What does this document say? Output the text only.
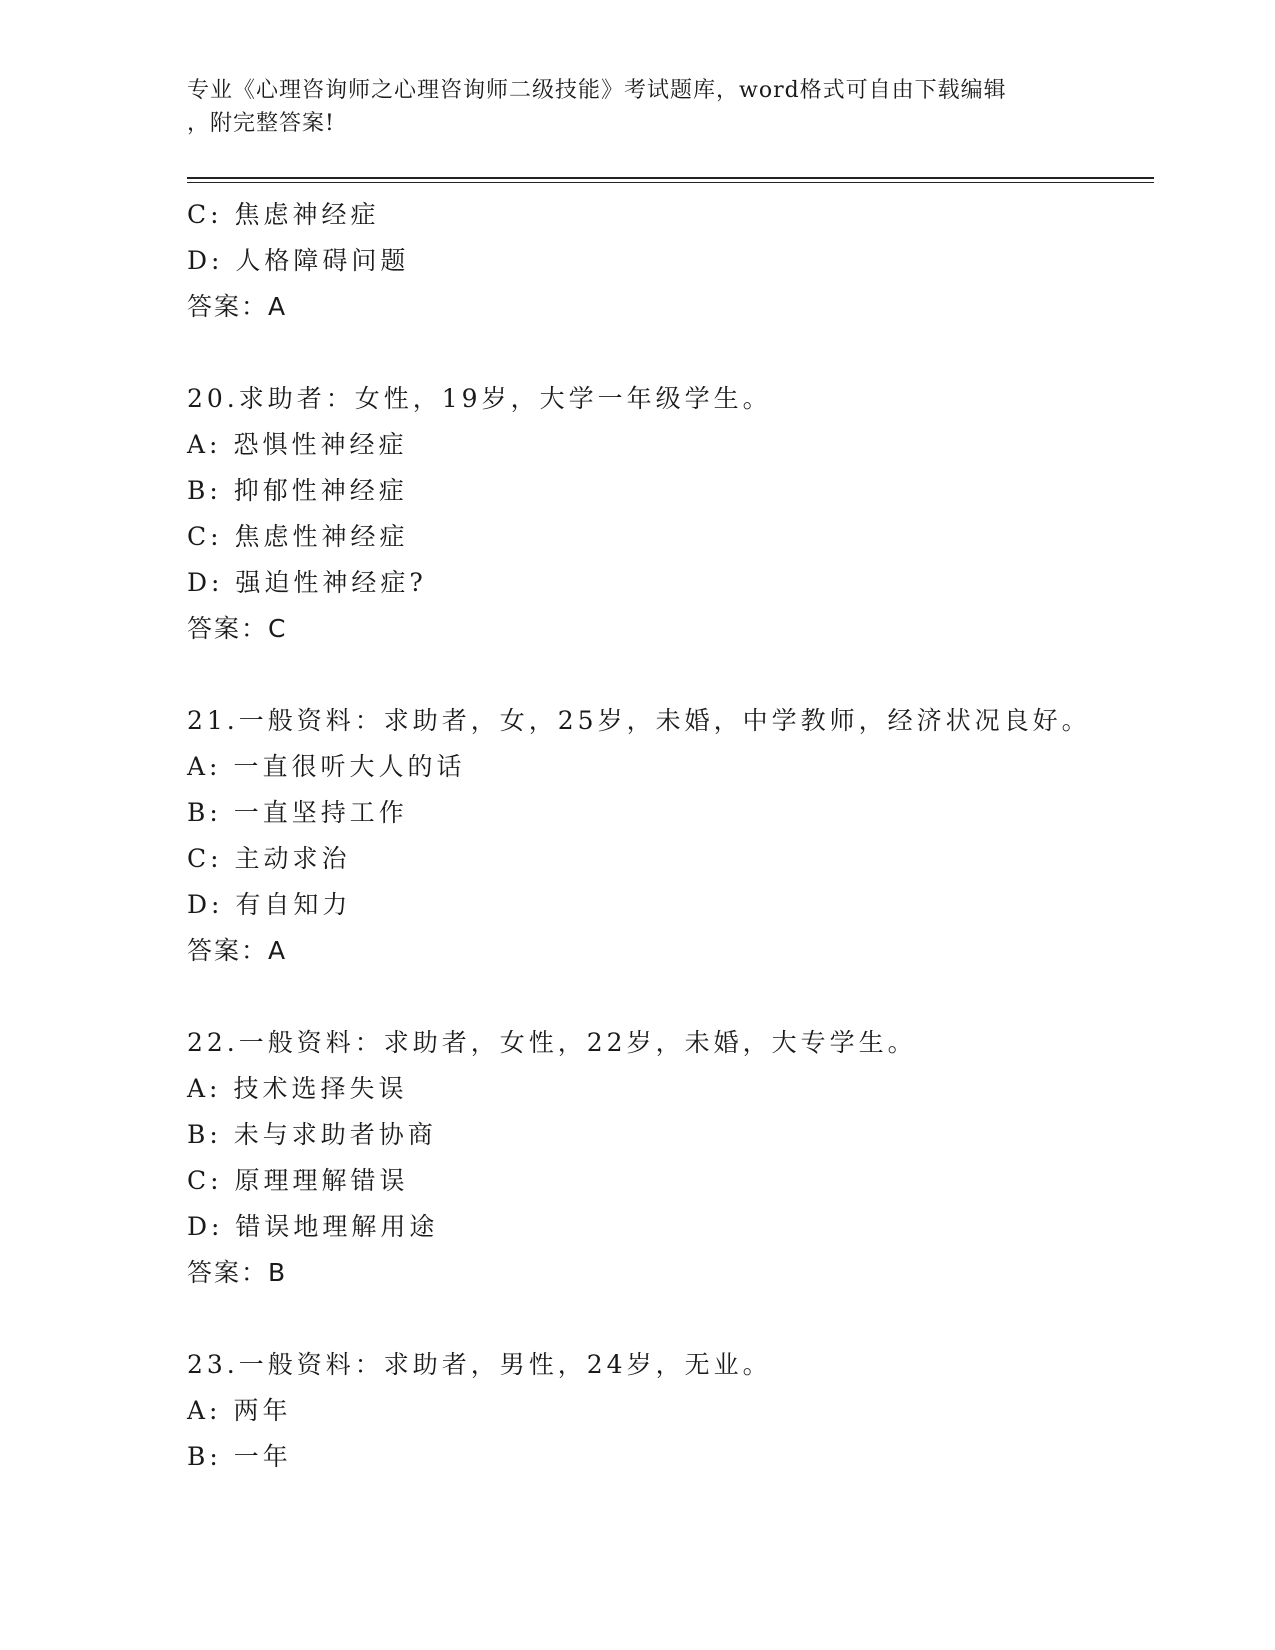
专业《心理咨询师之心理咨询师二级技能》考试题库，word格式可自由下载编辑
，附完整答案!
C: 焦虑神经症
D: 人格障碍问题
答案：A
20.求助者：女性，19岁，大学一年级学生。
A: 恐惧性神经症
B: 抑郁性神经症
C: 焦虑性神经症
D: 强迫性神经症?
答案：C
21.一般资料：求助者，女，25岁，未婚，中学教师，经济状况良好。
A: 一直很听大人的话
B: 一直坚持工作
C: 主动求治
D: 有自知力
答案：A
22.一般资料：求助者，女性，22岁，未婚，大专学生。
A: 技术选择失误
B: 未与求助者协商
C: 原理理解错误
D: 错误地理解用途
答案：B
23.一般资料：求助者，男性，24岁，无业。
A: 两年
B: 一年
